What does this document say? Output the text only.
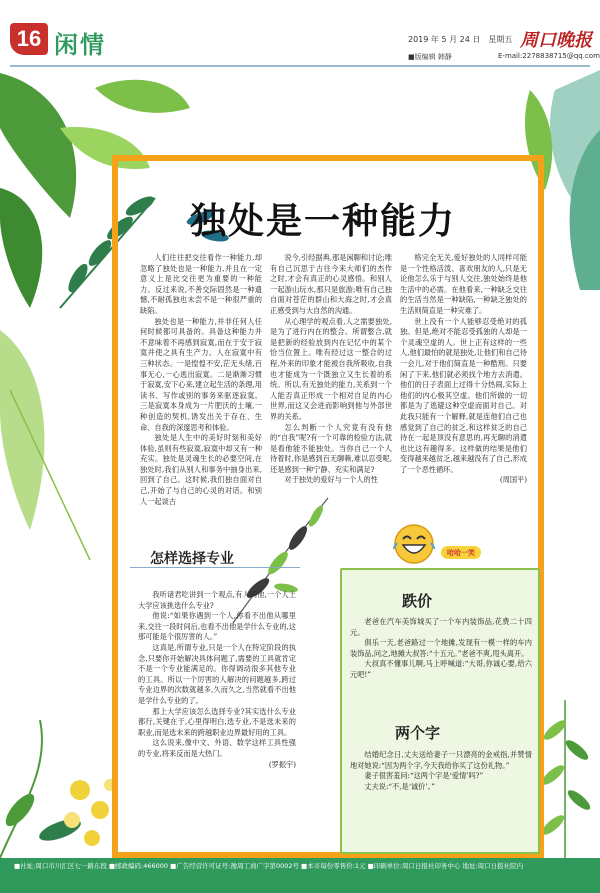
16 闲情	2019 年 5 月 24 日　星期五 周口晚报
■版编辑 韩静	E-mail:2278838715@qq.com
独处是一种能力

人们往往把交往看作一种能力,却忽略了独处也是一种能力,并且在一定意义上是比交往更为重要的一种能力。反过来说,不善交际固然是一种遗憾,不耐孤独也未尝不是一种很严重的缺陷。

独处也是一种能力,并非任何人任何时候都可具备的。具备这种能力并不意味着不再感到寂寞,而在于安于寂寞并使之具有生产力。人在寂寞中有三种状态。一是惶惶不安,茫无头绪,百事无心,一心逃出寂寞。二是渐渐习惯于寂寞,安下心来,建立起生活的条理,用读书、写作或别的事务来驱逐寂寞。三是寂寞本身成为一片肥沃的土壤,一种创造的契机,诱发出关于存在、生命、自我的深邃思考和体验。

独处是人生中的美好时刻和美好体验,虽则有些寂寞,寂寞中却又有一种充实。独处是灵魂生长的必要空间,在独处时,我们从别人和事务中抽身出来,回到了自己。这时候,我们独自面对自己,开始了与自己的心灵的对话。和别人一起谈古

说今,引经据典,那是闲聊和讨论;唯有自己沉思于古往今来大师们的杰作之时,才会有真正的心灵感悟。和别人一起游山玩水,那只是旅游;唯有自己独自面对苍茫的群山和大海之时,才会真正感受到与大自然的沟通。

从心理学的观点看,人之需要独处,是为了进行内在的整合。所谓整合,就是把新的经验放到内在记忆中的某个恰当位置上。唯有经过这一整合的过程,外来的印象才能被自我所吸收,自我也才能成为一个既独立又生长着的系统。所以,有无独处的能力,关系到一个人能否真正形成一个相对自足的内心世界,而这又会进而影响到他与外部世界的关系。

怎么判断一个人究竟有没有他的“自我”呢?有一个可靠的检验方法,就是看他能不能独处。当你自己一个人待着时,你是感到百无聊赖,难以忍受呢,还是感到一种宁静、充实和满足?

对于独处的爱好与一个人的性

格完全无关,爱好独处的人同样可能是一个性格活泼、喜欢朋友的人,只是无论他怎么乐于与别人交往,独处始终是他生活中的必需。在他看来,一种缺乏交往的生活当然是一种缺陷,一种缺乏独处的生活则简直是一种灾难了。

世上没有一个人能够忍受绝对的孤独。但是,绝对不能忍受孤独的人却是一个灵魂空虚的人。世上正有这样的一些人,他们最怕的就是独处,让他们和自己待一会儿,对于他们简直是一种酷刑。只要闲了下来,他们就必须找个地方去消遣。他们的日子表面上过得十分热闹,实际上他们的内心极其空虚。他们所做的一切都是为了逃避这种空虚而面对自己。对此我只能有一个解释,就是连他们自己也感觉到了自己的贫乏,和这样贫乏的自己待在一起是顶没有意思的,再无聊的消遣也比这有趣得多。这样做的结果是他们变得越来越贫乏,越来越没有了自己,形成了一个恶性循环。

(周国平)

怎样选择专业

我听诸君吃讲到一个观点,有人问他,一个人上大学应该挑选什么专业?

他说:“如果你遇到一个人,你看不出他从哪里来,交往一段时间后,也看不出他是学什么专业的,这那可能是个很厉害的人。”

这真是,所谓专业,只是一个人在特定阶段的执念,只要你开始解决具体问题了,需要的工具就肯定不是一个专业能满足的。你得调动很多其他专业的工具。所以一个厉害的人解决的问题越多,跨过专业边界的次数就越多,久而久之,当然就看不出他是学什么专业的了。

那上大学应该怎么选择专业?其实选什么专业都行,关键在于,心里得明白,选专业,不是选未来的职业,而是选未来的跨越职业边界最好用的工具。

这么说来,像中文、外语、数学这样工具性强的专业,将来反而是大热门。

(罗振宇)

哈哈一笑
跌价

老爸在汽车美饰城买了一个车内装饰品,花费二十四元。

俱乐一天,老爸路过一个地摊,发现有一模一样的车内装饰品,问之,地摊大叔答:“十五元。”老爸不爽,甩头离开。

大叔真不懂事儿啊,马上呼喊道:“大哥,你诚心要,给六元吧!”

两个字

结婚纪念日,丈夫送给妻子一只漂亮的金戒指,并赞情地对她说:“因为两个字,今天我给你买了这份礼物。”

妻子很害羞问:“这两个字是‘爱情’吗?”

丈夫说:“不,是‘诚价’。”

■社址:周口市川汇区七一路东段 ■邮政编码:466000 ■广告经营许可证号:豫周工商广字第0002号 ■本市每份零售价:1元 ■印刷单位:周口日报社印务中心 地址:周口日报社院内
